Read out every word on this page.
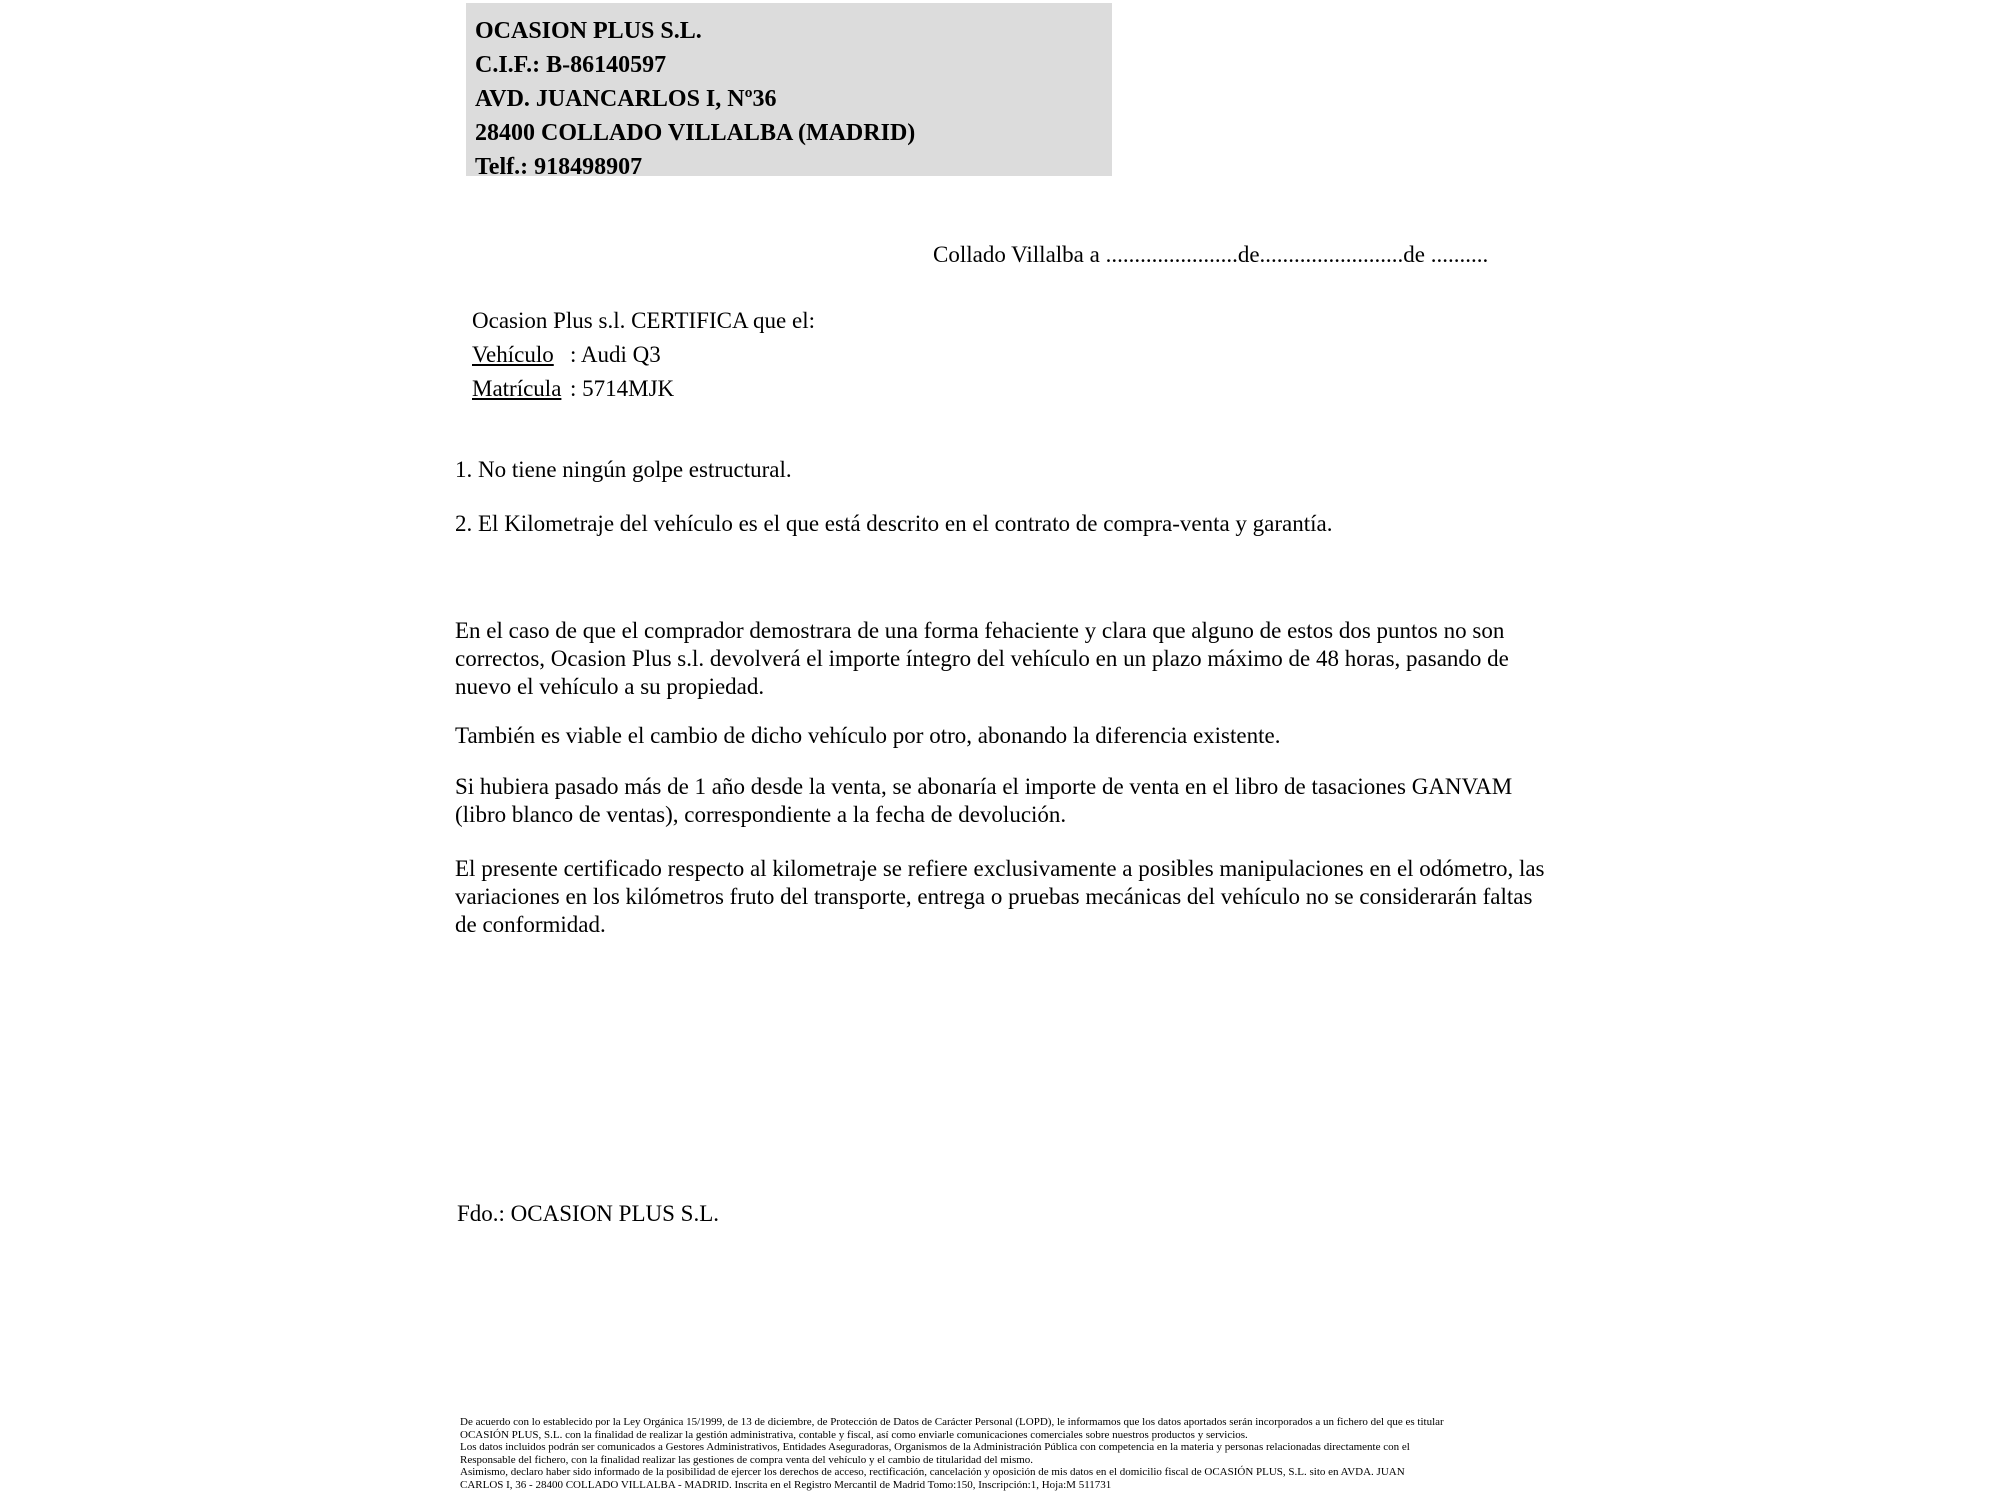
OCASION PLUS S.L.
C.I.F.: B-86140597
AVD. JUANCARLOS I, Nº36
28400 COLLADO VILLALBA (MADRID)
Telf.: 918498907
Collado Villalba a .......................de.........................de ..........
Ocasion Plus s.l. CERTIFICA que el:
Vehículo : Audi Q3
Matrícula : 5714MJK
1. No tiene ningún golpe estructural.
2. El Kilometraje del vehículo es el que está descrito en el contrato de compra-venta y garantía.
En el caso de que el comprador demostrara de una forma fehaciente y clara que alguno de estos dos puntos no son correctos, Ocasion Plus s.l. devolverá el importe íntegro del vehículo en un plazo máximo de 48 horas, pasando de nuevo el vehículo a su propiedad.
También es viable el cambio de dicho vehículo por otro, abonando la diferencia existente.
Si hubiera pasado más de 1 año desde la venta, se abonaría el importe de venta en el libro de tasaciones GANVAM (libro blanco de ventas), correspondiente a la fecha de devolución.
El presente certificado respecto al kilometraje se refiere exclusivamente a posibles manipulaciones en el odómetro, las variaciones en los kilómetros fruto del transporte, entrega o pruebas mecánicas del vehículo no se considerarán faltas de conformidad.
Fdo.: OCASION PLUS S.L.
De acuerdo con lo establecido por la Ley Orgánica 15/1999, de 13 de diciembre, de Protección de Datos de Carácter Personal (LOPD), le informamos que los datos aportados serán incorporados a un fichero del que es titular
OCASIÓN PLUS, S.L. con la finalidad de realizar la gestión administrativa, contable y fiscal, así como enviarle comunicaciones comerciales sobre nuestros productos y servicios.
Los datos incluidos podrán ser comunicados a Gestores Administrativos, Entidades Aseguradoras, Organismos de la Administración Pública con competencia en la materia y personas relacionadas directamente con el
Responsable del fichero, con la finalidad realizar las gestiones de compra venta del vehículo y el cambio de titularidad del mismo.
Asimismo, declaro haber sido informado de la posibilidad de ejercer los derechos de acceso, rectificación, cancelación y oposición de mis datos en el domicilio fiscal de OCASIÓN PLUS, S.L. sito en AVDA. JUAN
CARLOS I, 36 - 28400 COLLADO VILLALBA - MADRID. Inscrita en el Registro Mercantil de Madrid Tomo:150, Inscripción:1, Hoja:M 511731
